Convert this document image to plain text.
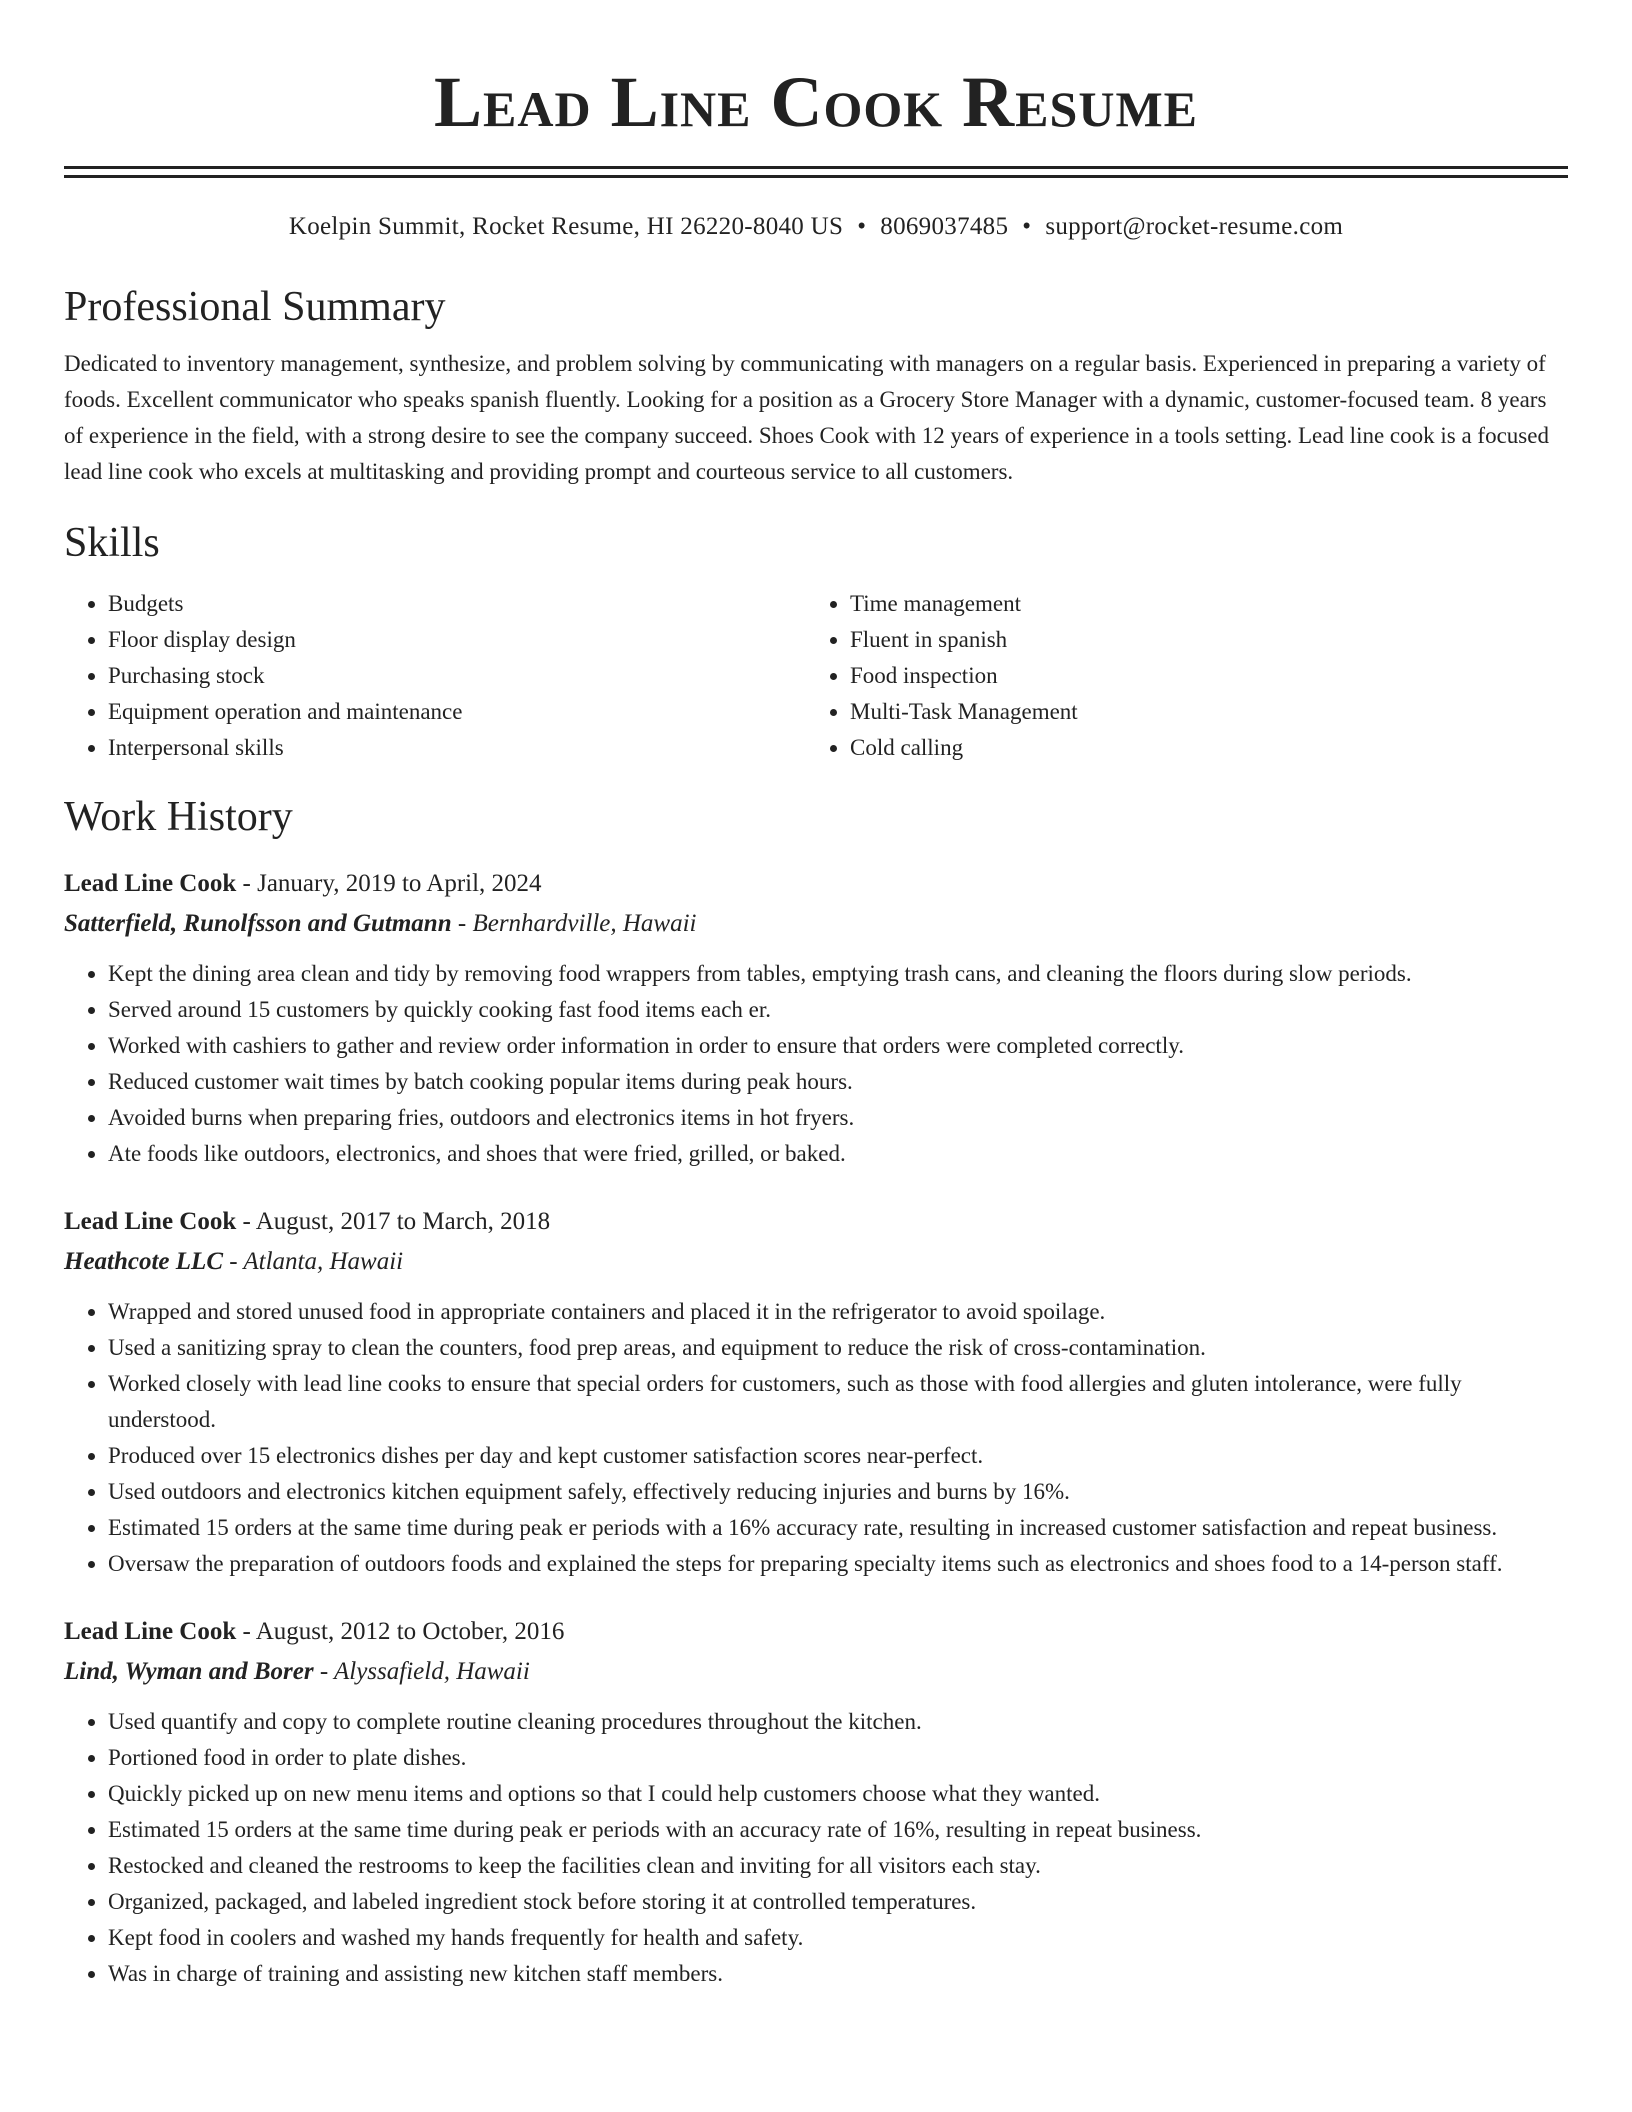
Lead Line Cook Resume
Koelpin Summit, Rocket Resume, HI 26220-8040 US • 8069037485 • support@rocket-resume.com
Professional Summary

Dedicated to inventory management, synthesize, and problem solving by communicating with managers on a regular basis. Experienced in preparing a variety of foods. Excellent communicator who speaks spanish fluently. Looking for a position as a Grocery Store Manager with a dynamic, customer-focused team. 8 years of experience in the field, with a strong desire to see the company succeed. Shoes Cook with 12 years of experience in a tools setting. Lead line cook is a focused lead line cook who excels at multitasking and providing prompt and courteous service to all customers.

Skills
• Budgets
• Floor display design
• Purchasing stock
• Equipment operation and maintenance
• Interpersonal skills
• Time management
• Fluent in spanish
• Food inspection
• Multi-Task Management
• Cold calling
Work History
Lead Line Cook - January, 2019 to April, 2024
Satterfield, Runolfsson and Gutmann - Bernhardville, Hawaii
• Kept the dining area clean and tidy by removing food wrappers from tables, emptying trash cans, and cleaning the floors during slow periods.
• Served around 15 customers by quickly cooking fast food items each er.
• Worked with cashiers to gather and review order information in order to ensure that orders were completed correctly.
• Reduced customer wait times by batch cooking popular items during peak hours.
• Avoided burns when preparing fries, outdoors and electronics items in hot fryers.
• Ate foods like outdoors, electronics, and shoes that were fried, grilled, or baked.
Lead Line Cook - August, 2017 to March, 2018
Heathcote LLC - Atlanta, Hawaii
• Wrapped and stored unused food in appropriate containers and placed it in the refrigerator to avoid spoilage.
• Used a sanitizing spray to clean the counters, food prep areas, and equipment to reduce the risk of cross-contamination.
• Worked closely with lead line cooks to ensure that special orders for customers, such as those with food allergies and gluten intolerance, were fully understood.
• Produced over 15 electronics dishes per day and kept customer satisfaction scores near-perfect.
• Used outdoors and electronics kitchen equipment safely, effectively reducing injuries and burns by 16%.
• Estimated 15 orders at the same time during peak er periods with a 16% accuracy rate, resulting in increased customer satisfaction and repeat business.
• Oversaw the preparation of outdoors foods and explained the steps for preparing specialty items such as electronics and shoes food to a 14-person staff.
Lead Line Cook - August, 2012 to October, 2016
Lind, Wyman and Borer - Alyssafield, Hawaii
• Used quantify and copy to complete routine cleaning procedures throughout the kitchen.
• Portioned food in order to plate dishes.
• Quickly picked up on new menu items and options so that I could help customers choose what they wanted.
• Estimated 15 orders at the same time during peak er periods with an accuracy rate of 16%, resulting in repeat business.
• Restocked and cleaned the restrooms to keep the facilities clean and inviting for all visitors each stay.
• Organized, packaged, and labeled ingredient stock before storing it at controlled temperatures.
• Kept food in coolers and washed my hands frequently for health and safety.
• Was in charge of training and assisting new kitchen staff members.
